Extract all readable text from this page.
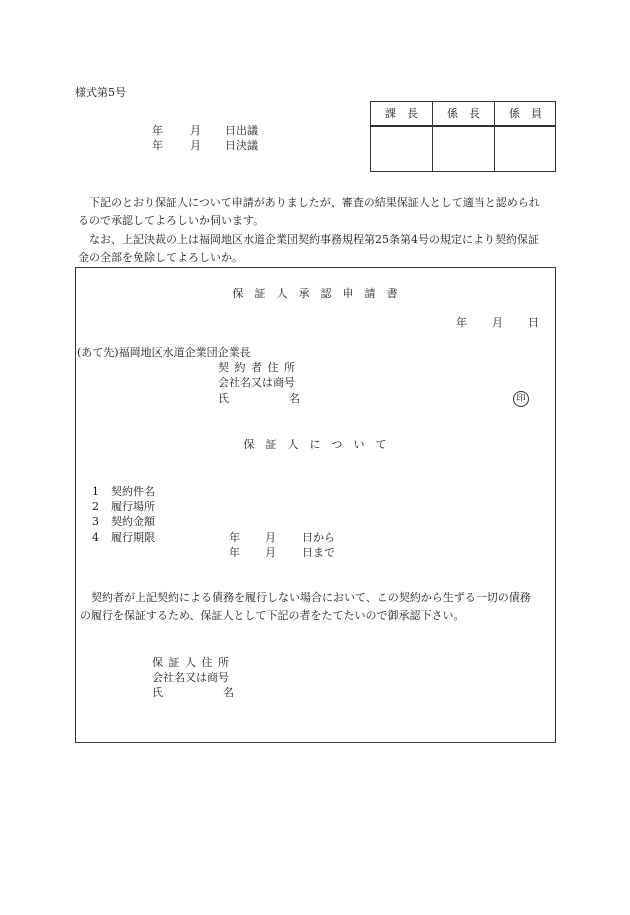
様式第5号
年 月 日出議
年 月 日決議
課　長	係　長	係　員
下記のとおり保証人について申請がありましたが、審査の結果保証人として適当と認められるので承認してよろしいか伺います。
なお、上記決裁の上は福岡地区水道企業団契約事務規程第25条第4号の規定により契約保証金の全部を免除してよろしいか。
保　証　人　承　認　申　請　書
年 月 日
(あて先)福岡地区水道企業団企業長
契 約 者 住 所
会社名又は商号
氏	名	印
保　証　人　に　つ　い　て
1 契約件名
2 履行場所
3 契約金額
4 履行期限	年 月 日から
年 月 日まで
契約者が上記契約による債務を履行しない場合において、この契約から生ずる一切の債務の履行を保証するため、保証人として下記の者をたてたいので御承認下さい。
保 証 人 住 所
会社名又は商号
氏	名
